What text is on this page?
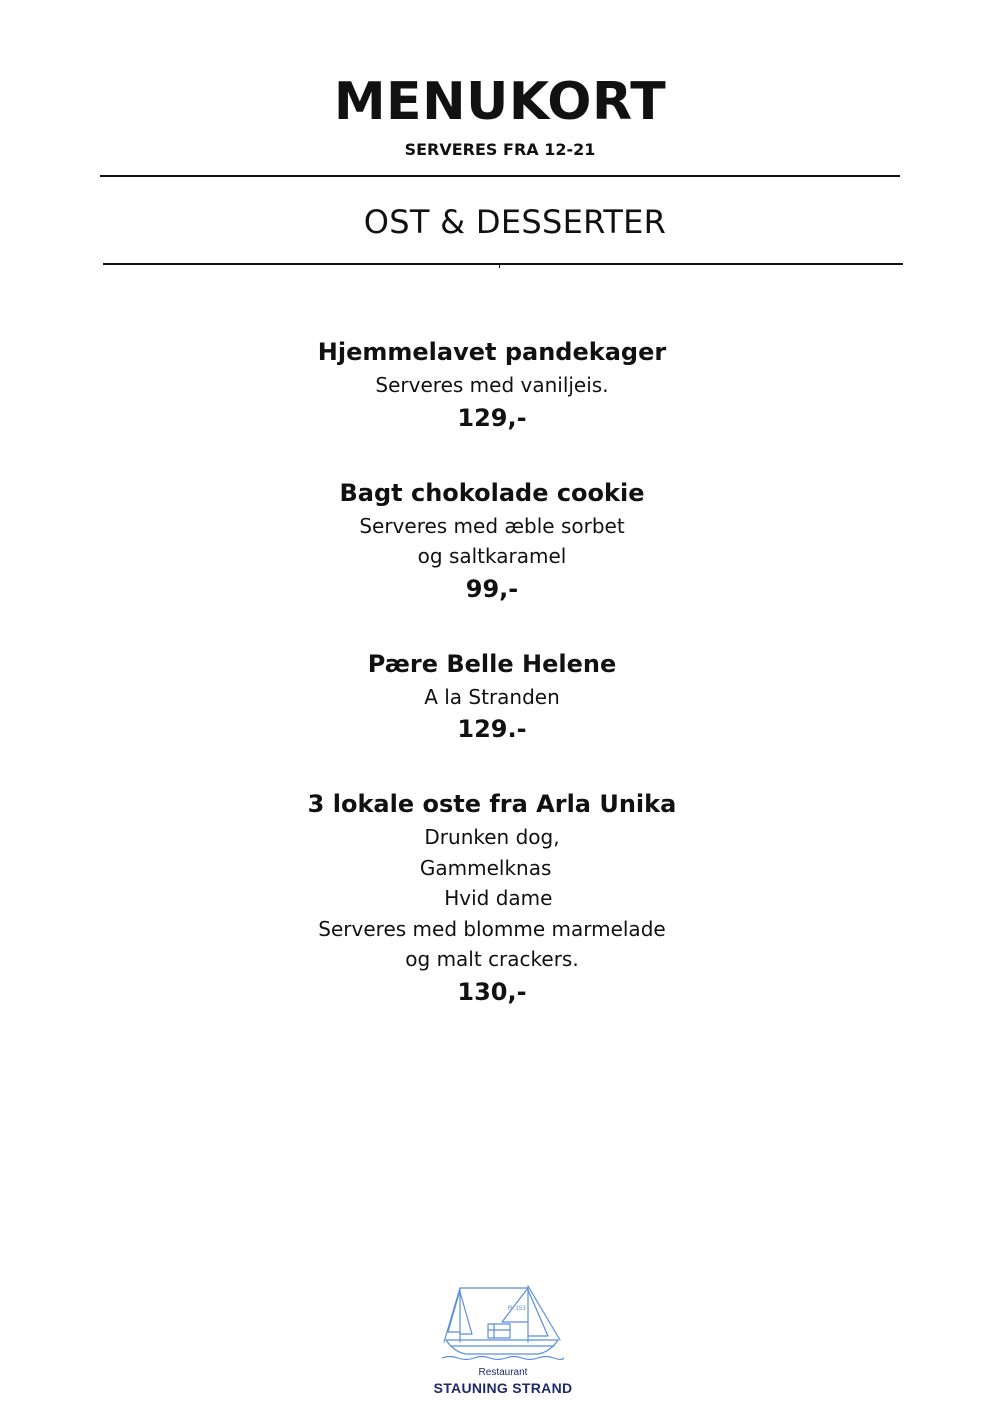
MENUKORT
SERVERES FRA 12-21
OST & DESSERTER
Hjemmelavet pandekager
Serveres med vaniljeis.
129,-
Bagt chokolade cookie
Serveres med æble sorbet
og saltkaramel
99,-
Pære Belle Helene
A la Stranden
129.-
3 lokale oste fra Arla Unika
Drunken dog,
Gammelknas
Hvid dame
Serveres med blomme marmelade
og malt crackers.
130,-
R. 153
Restaurant
STAUNING STRAND
